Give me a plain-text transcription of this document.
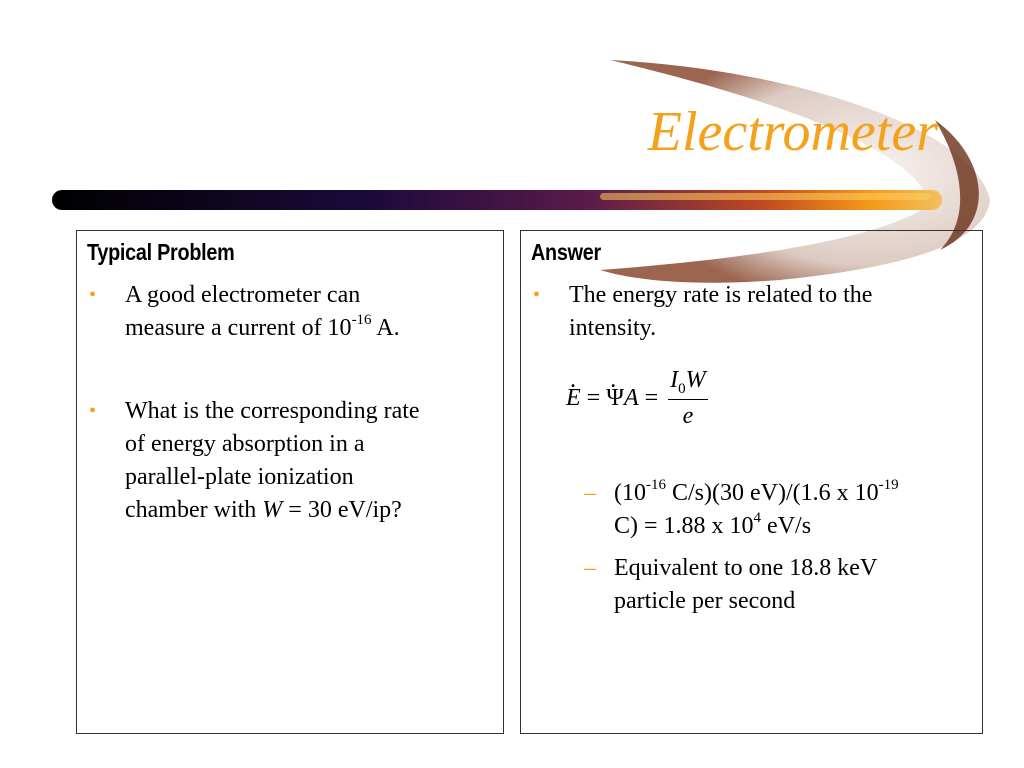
Electrometer
Typical Problem
• A good electrometer can
measure a current of $10^{-16}$ A.
• What is the corresponding rate
of energy absorption in a
parallel-plate ionization
chamber with W = 30 eV/ip?
Answer
• The energy rate is related to the
intensity.
E . = Ψ . $A = \frac{I_0W}{e}$
– ($10^{-16}$ C/s)(30 eV)/(1.6 x $10^{-19}$
C) = 1.88 x $10^4$ eV/s
– Equivalent to one 18.8 keV
particle per second
